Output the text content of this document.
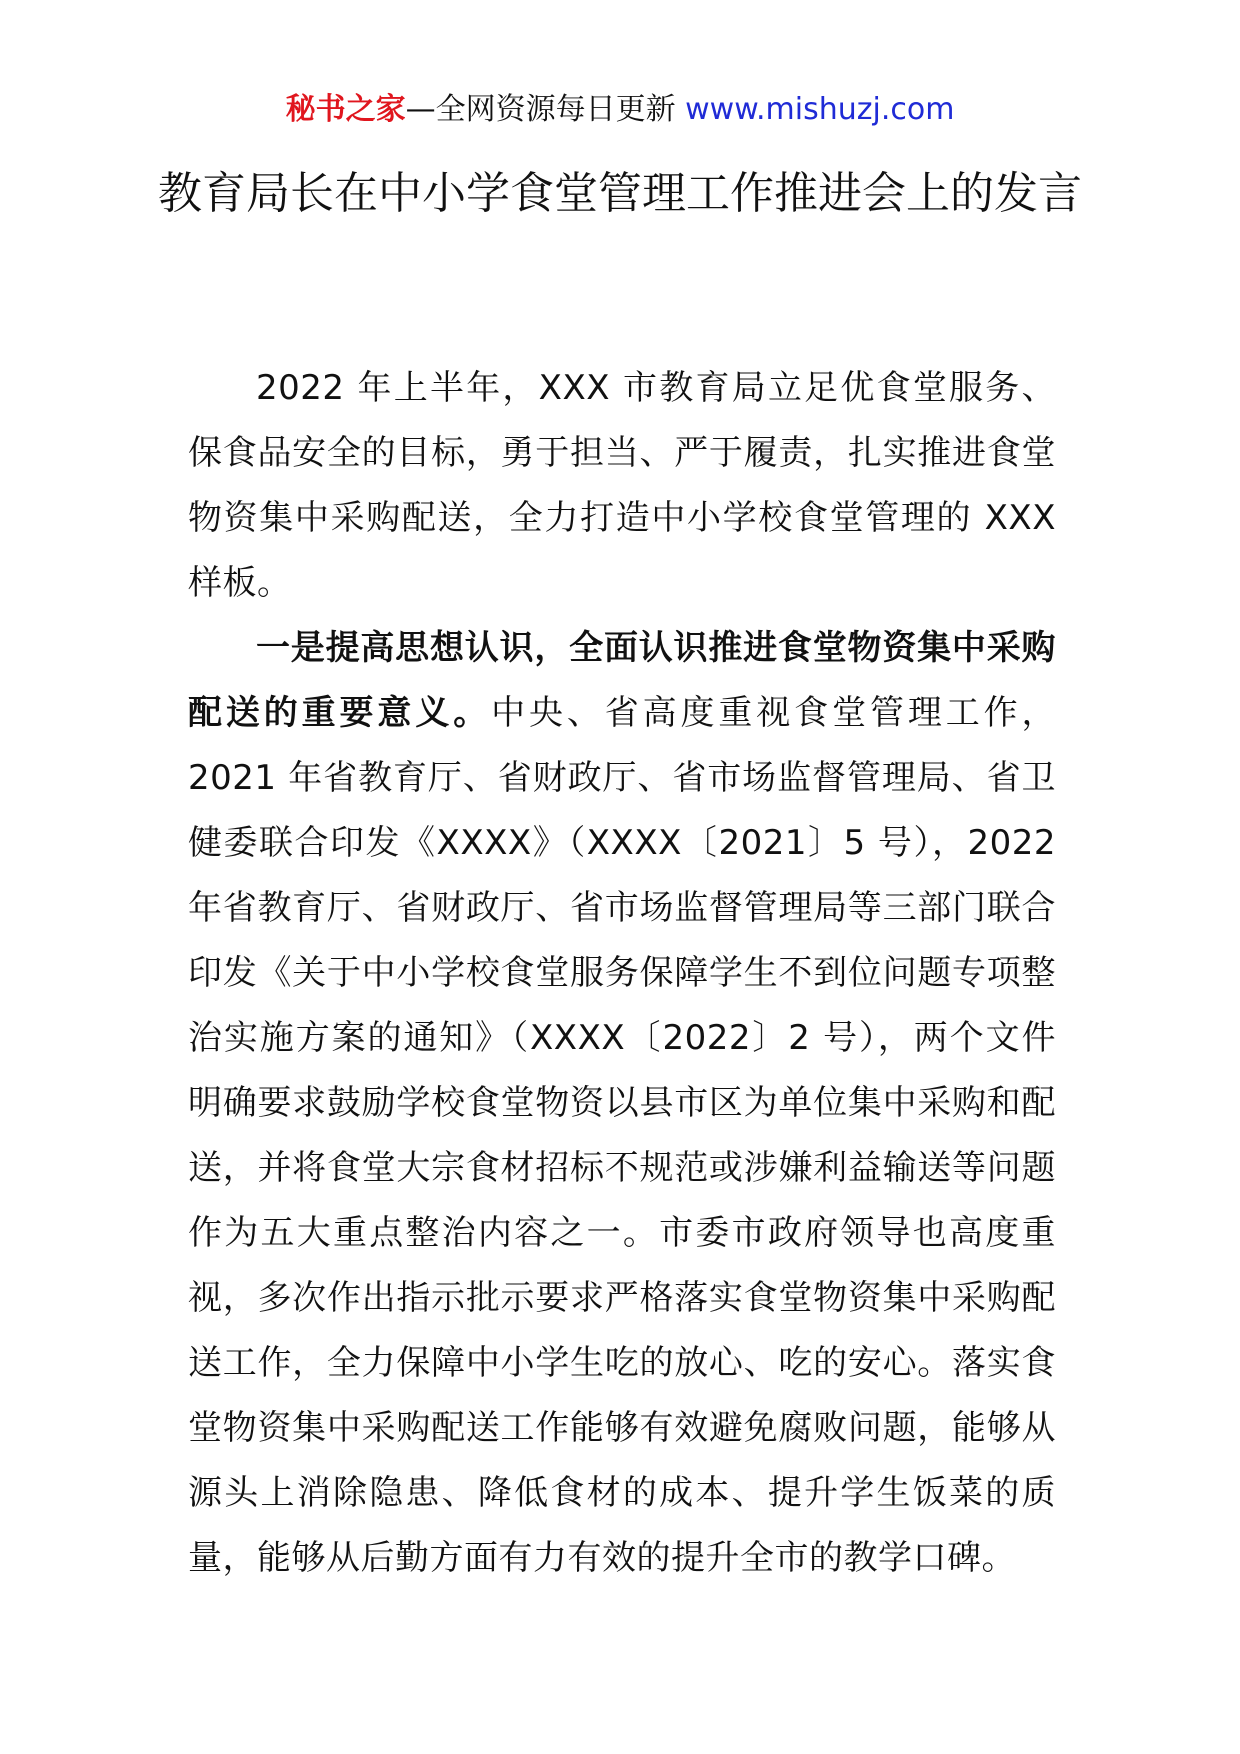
秘书之家—全网资源每日更新 www.mishuzj.com
教育局长在中小学食堂管理工作推进会上的发言

2022 年上半年，XXX 市教育局立足优食堂服务、保食品安全的目标，勇于担当、严于履责，扎实推进食堂物资集中采购配送，全力打造中小学校食堂管理的 XXX 样板。

一是提高思想认识，全面认识推进食堂物资集中采购配送的重要意义。中央、省高度重视食堂管理工作，2021 年省教育厅、省财政厅、省市场监督管理局、省卫健委联合印发《XXXX》（XXXX〔2021〕5 号），2022 年省教育厅、省财政厅、省市场监督管理局等三部门联合印发《关于中小学校食堂服务保障学生不到位问题专项整治实施方案的通知》（XXXX〔2022〕2 号），两个文件明确要求鼓励学校食堂物资以县市区为单位集中采购和配送，并将食堂大宗食材招标不规范或涉嫌利益输送等问题作为五大重点整治内容之一。市委市政府领导也高度重视，多次作出指示批示要求严格落实食堂物资集中采购配送工作，全力保障中小学生吃的放心、吃的安心。落实食堂物资集中采购配送工作能够有效避免腐败问题，能够从源头上消除隐患、降低食材的成本、提升学生饭菜的质量，能够从后勤方面有力有效的提升全市的教学口碑。
